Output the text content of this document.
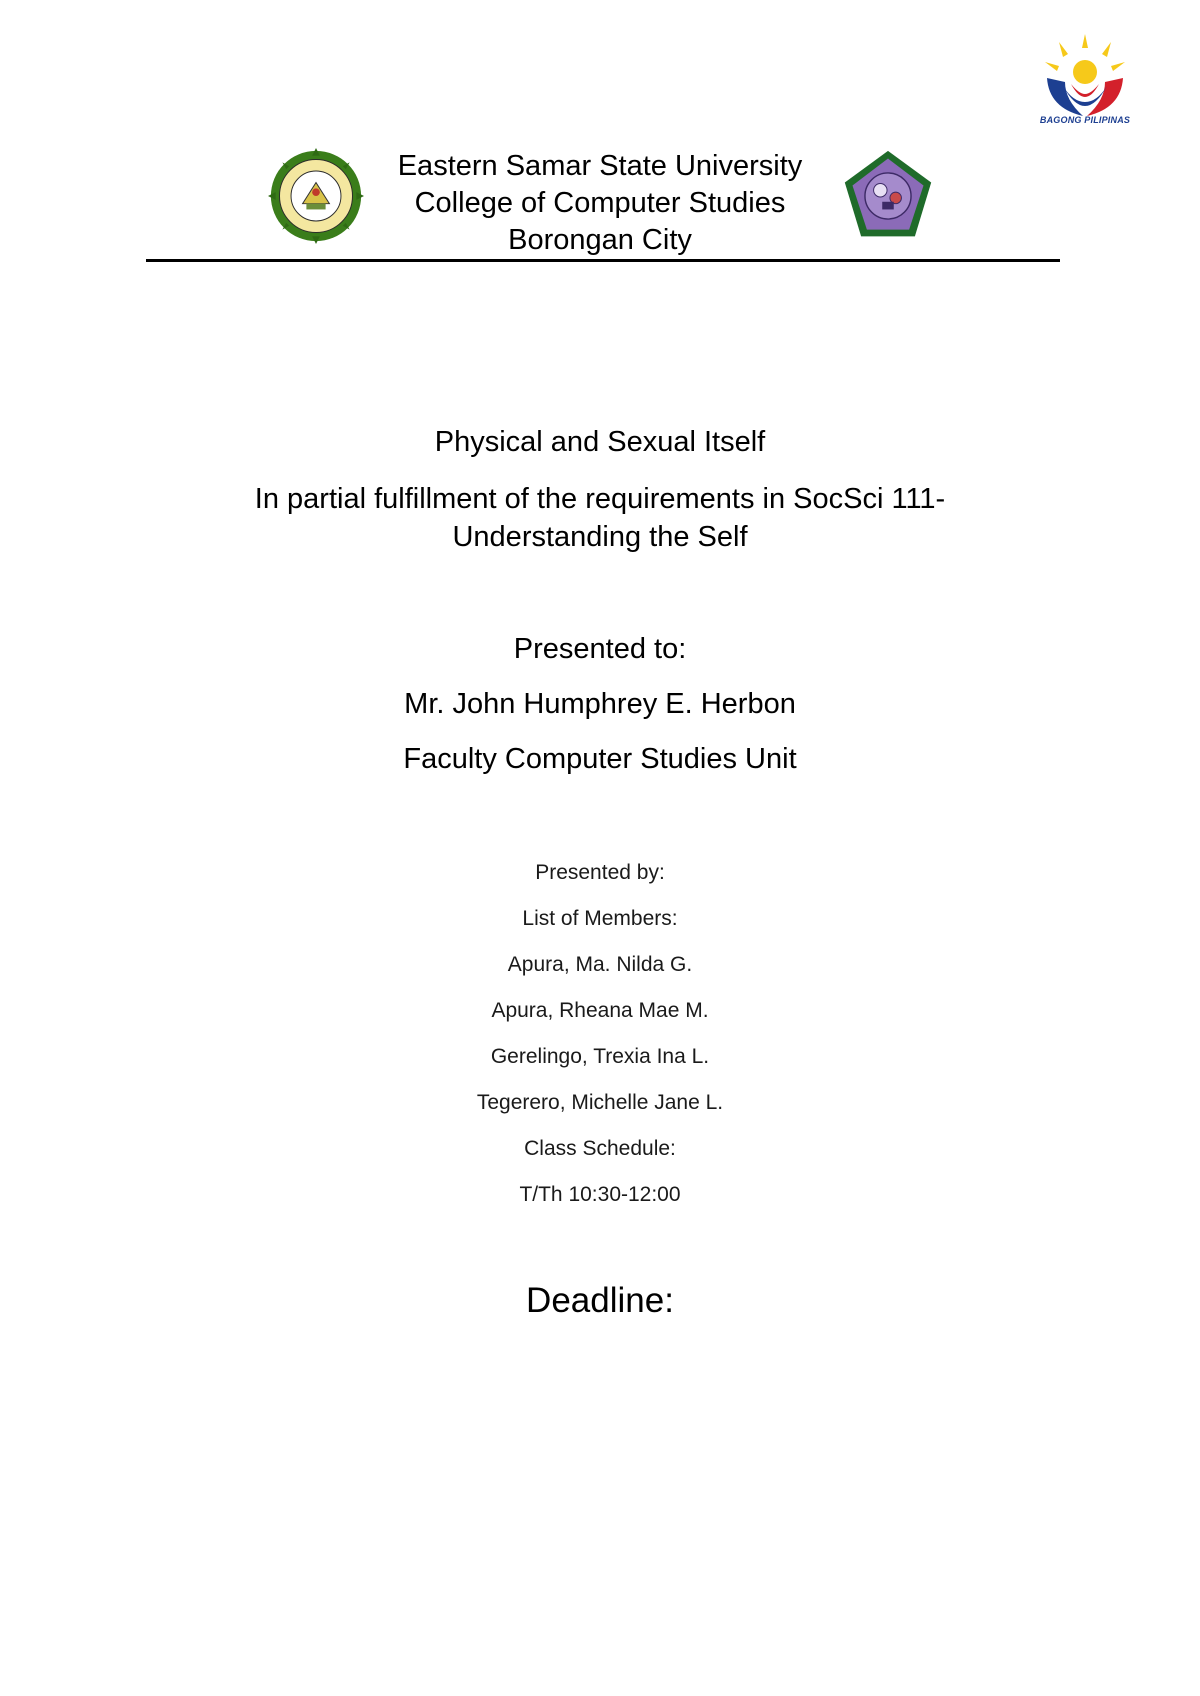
BAGONG PILIPINAS
Eastern Samar State University
College of Computer Studies
Borongan City
Physical and Sexual Itself
In partial fulfillment of the requirements in SocSci 111-
Understanding the Self
Presented to:
Mr. John Humphrey E. Herbon
Faculty Computer Studies Unit
Presented by:
List of Members:
Apura, Ma. Nilda G.
Apura, Rheana Mae M.
Gerelingo, Trexia Ina L.
Tegerero, Michelle Jane L.
Class Schedule:
T/Th 10:30-12:00
Deadline:
